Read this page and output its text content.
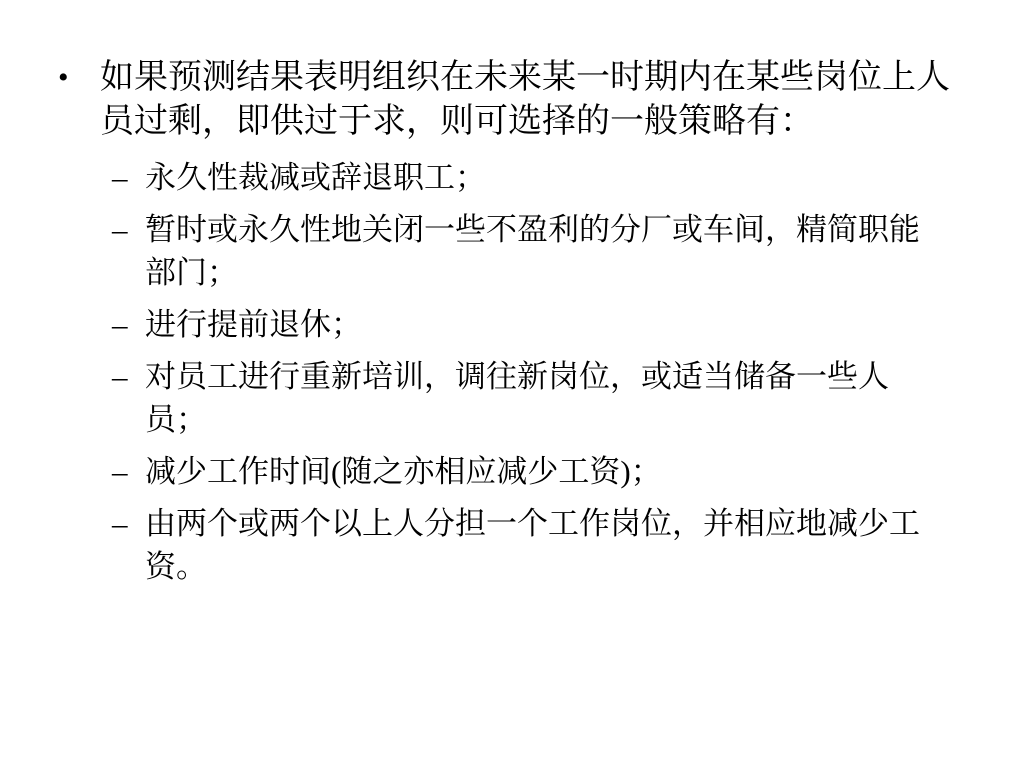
• 如果预测结果表明组织在未来某一时期内在某些岗位上人员过剩，即供过于求，则可选择的一般策略有：
– 永久性裁减或辞退职工；
– 暂时或永久性地关闭一些不盈利的分厂或车间，精简职能部门；
– 进行提前退休；
– 对员工进行重新培训，调往新岗位，或适当储备一些人员；
– 减少工作时间(随之亦相应减少工资)；
– 由两个或两个以上人分担一个工作岗位，并相应地减少工资。
